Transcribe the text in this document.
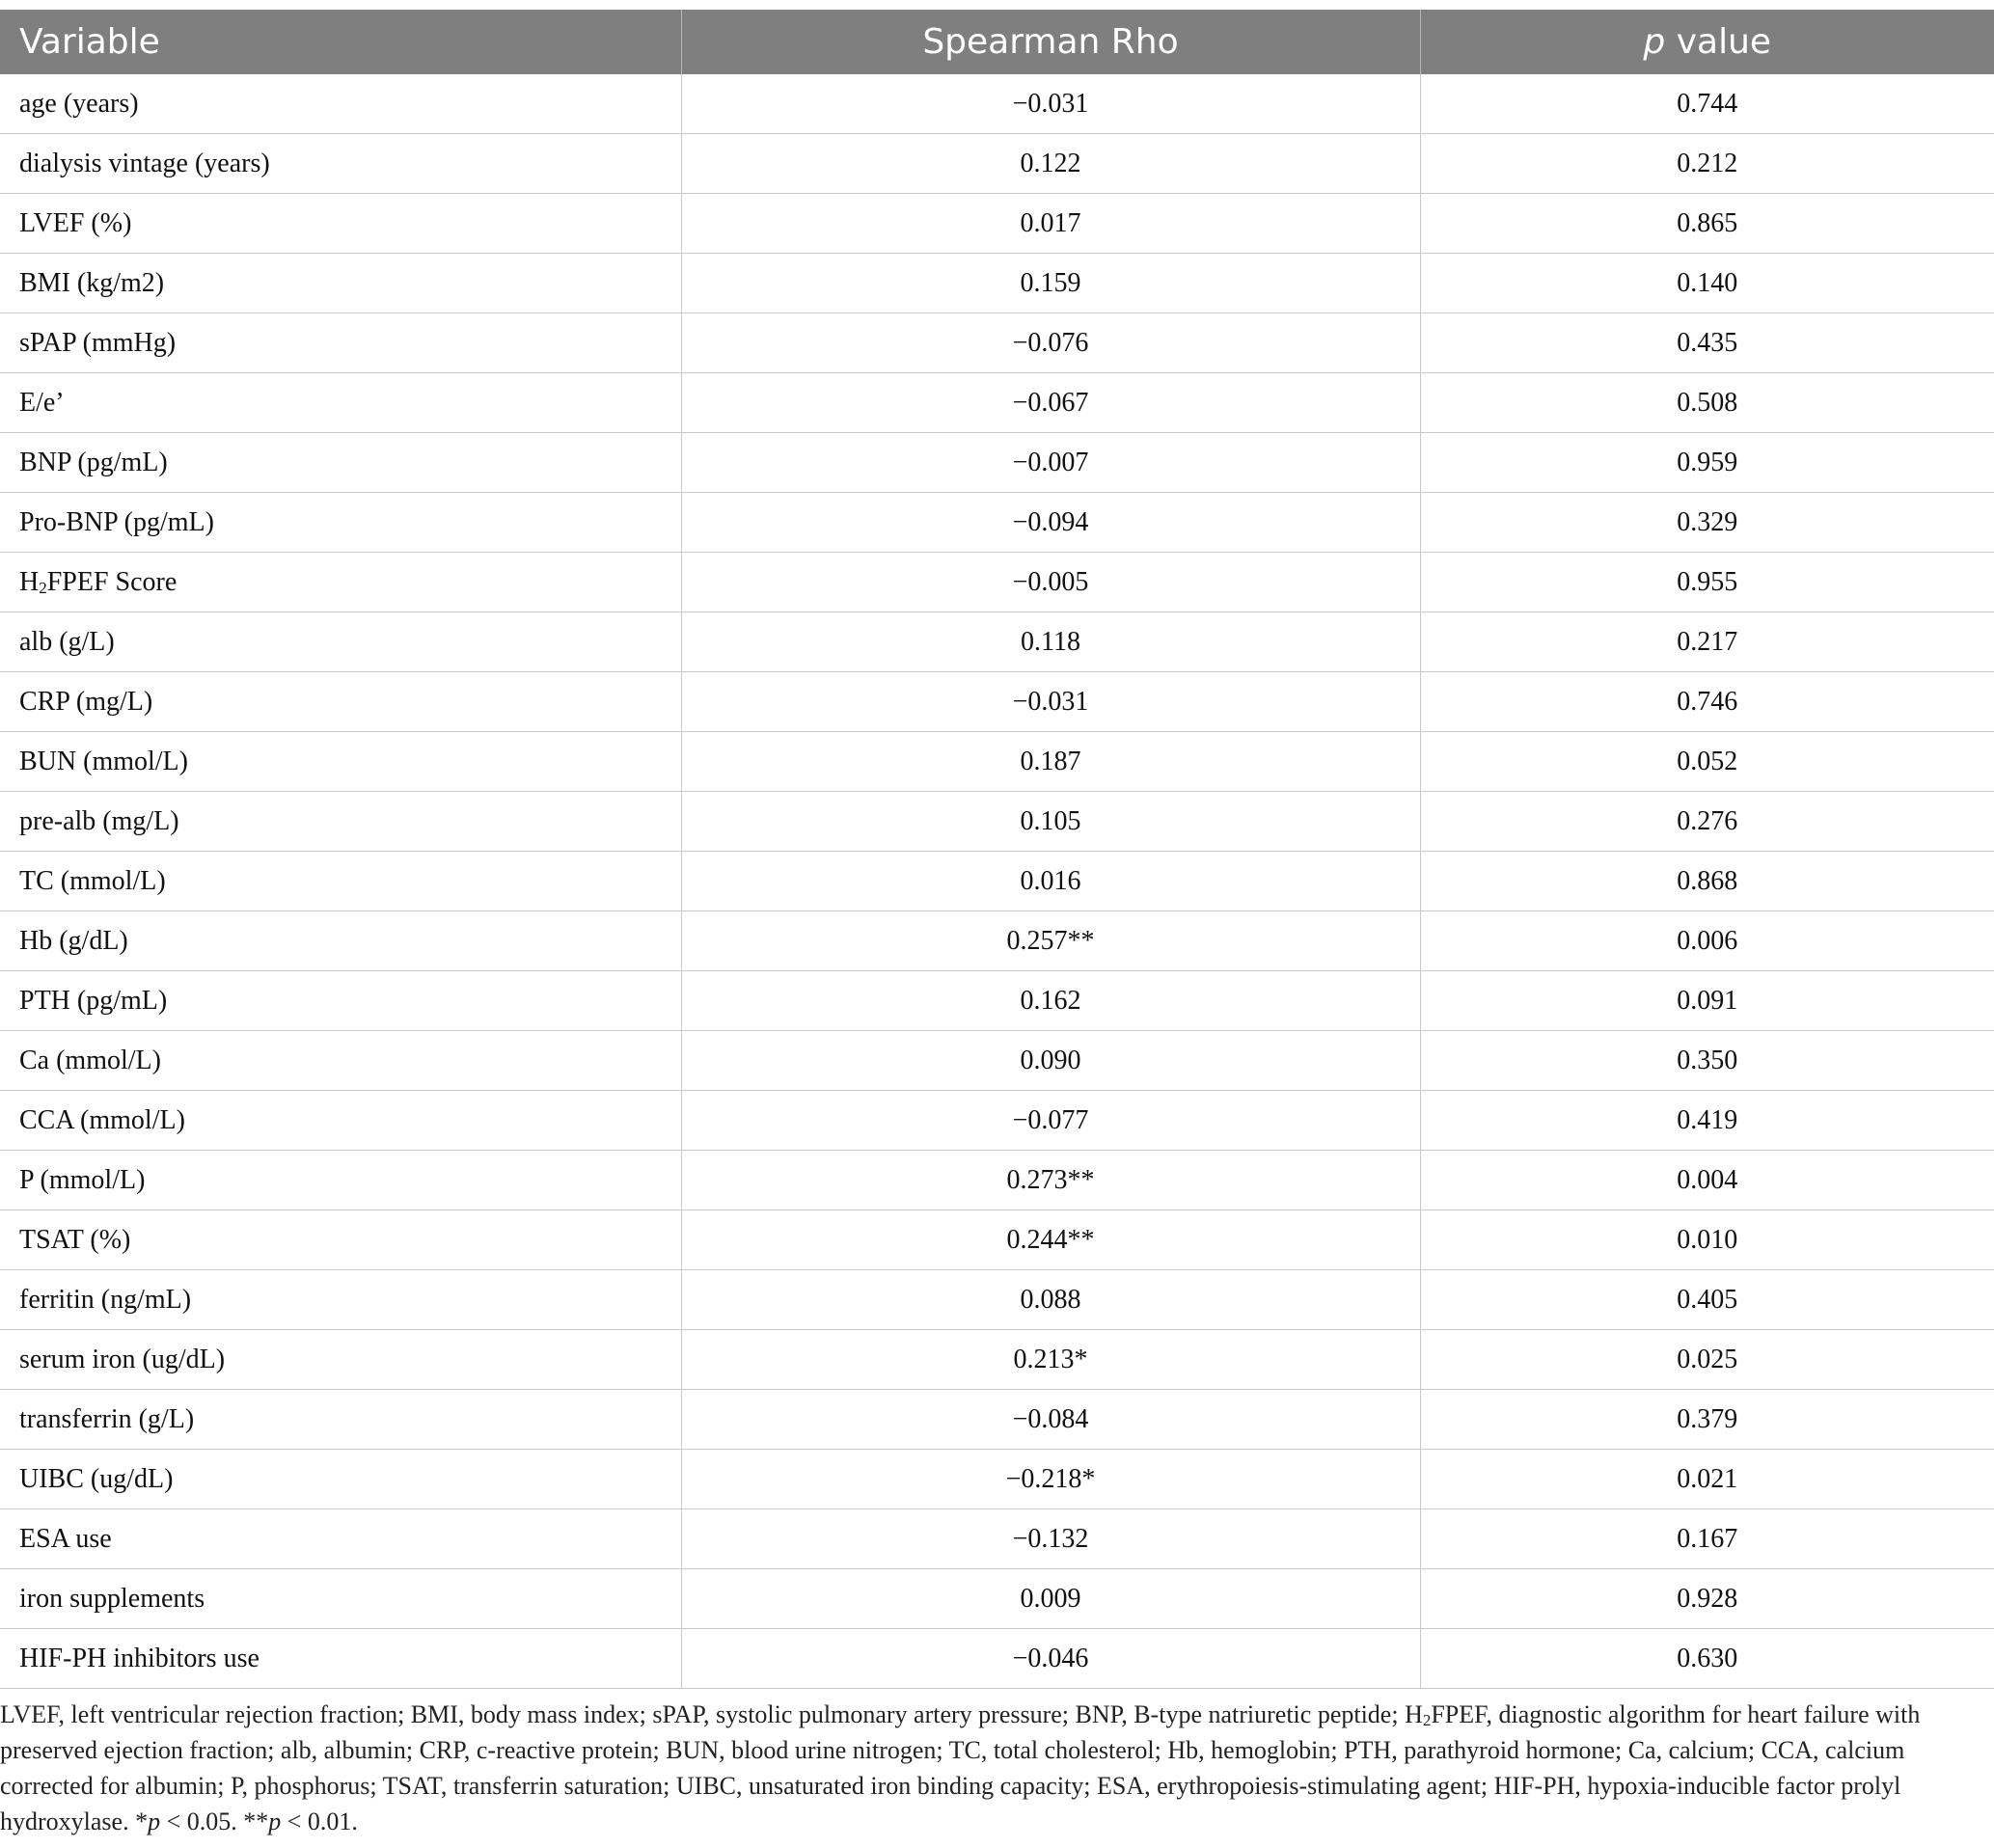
Variable	Spearman Rho	p value
age (years)	−0.031	0.744
dialysis vintage (years)	0.122	0.212
LVEF (%)	0.017	0.865
BMI (kg/m2)	0.159	0.140
sPAP (mmHg)	−0.076	0.435
E/e’	−0.067	0.508
BNP (pg/mL)	−0.007	0.959
Pro-BNP (pg/mL)	−0.094	0.329
$H_2FPEF$ Score	−0.005	0.955
alb (g/L)	0.118	0.217
CRP (mg/L)	−0.031	0.746
BUN (mmol/L)	0.187	0.052
pre-alb (mg/L)	0.105	0.276
TC (mmol/L)	0.016	0.868
Hb (g/dL)	0.257**	0.006
PTH (pg/mL)	0.162	0.091
Ca (mmol/L)	0.090	0.350
CCA (mmol/L)	−0.077	0.419
P (mmol/L)	0.273**	0.004
TSAT (%)	0.244**	0.010
ferritin (ng/mL)	0.088	0.405
serum iron (ug/dL)	0.213*	0.025
transferrin (g/L)	−0.084	0.379
UIBC (ug/dL)	−0.218*	0.021
ESA use	−0.132	0.167
iron supplements	0.009	0.928
HIF-PH inhibitors use	−0.046	0.630

LVEF, left ventricular rejection fraction; BMI, body mass index; sPAP, systolic pulmonary artery pressure; BNP, B-type natriuretic peptide; $H_2FPEF$, diagnostic algorithm for heart failure with preserved ejection fraction; alb, albumin; CRP, c-reactive protein; BUN, blood urine nitrogen; TC, total cholesterol; Hb, hemoglobin; PTH, parathyroid hormone; Ca, calcium; CCA, calcium corrected for albumin; P, phosphorus; TSAT, transferrin saturation; UIBC, unsaturated iron binding capacity; ESA, erythropoiesis-stimulating agent; HIF-PH, hypoxia-inducible factor prolyl hydroxylase. *p < 0.05. **p < 0.01.
